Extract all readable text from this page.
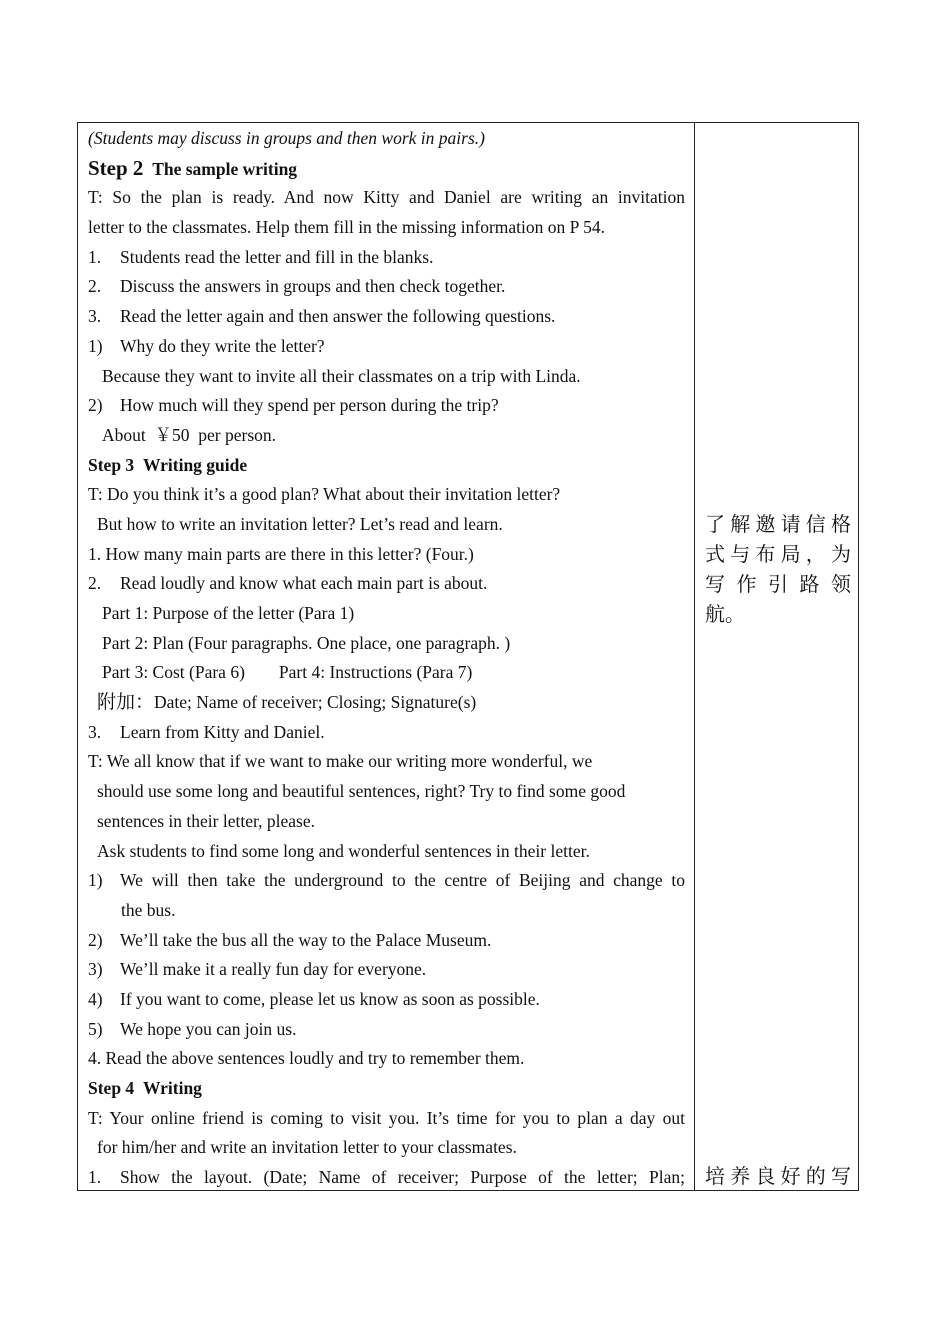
(Students may discuss in groups and then work in pairs.)
Step 2 The sample writing
T: So the plan is ready. And now Kitty and Daniel are writing an invitation
letter to the classmates. Help them fill in the missing information on P 54.
1. Students read the letter and fill in the blanks.
2. Discuss the answers in groups and then check together.
3. Read the letter again and then answer the following questions.
1) Why do they write the letter?
Because they want to invite all their classmates on a trip with Linda.
2) How much will they spend per person during the trip?
About ￥50 per person.
Step 3 Writing guide
T: Do you think it’s a good plan? What about their invitation letter?
But how to write an invitation letter? Let’s read and learn.
1. How many main parts are there in this letter? (Four.)
2. Read loudly and know what each main part is about.
Part 1: Purpose of the letter (Para 1)
Part 2: Plan (Four paragraphs. One place, one paragraph. )
Part 3: Cost (Para 6) Part 4: Instructions (Para 7)
附加：Date; Name of receiver; Closing; Signature(s)
3. Learn from Kitty and Daniel.
T: We all know that if we want to make our writing more wonderful, we
should use some long and beautiful sentences, right? Try to find some good
sentences in their letter, please.
Ask students to find some long and wonderful sentences in their letter.
1) We will then take the underground to the centre of Beijing and change to
the bus.
2) We’ll take the bus all the way to the Palace Museum.
3) We’ll make it a really fun day for everyone.
4) If you want to come, please let us know as soon as possible.
5) We hope you can join us.
4. Read the above sentences loudly and try to remember them.
Step 4 Writing
T: Your online friend is coming to visit you. It’s time for you to plan a day out
for him/her and write an invitation letter to your classmates.
1. Show the layout. (Date; Name of receiver; Purpose of the letter; Plan;
了解邀请信格
式与布局，为
写 作 引 路 领
航。
培养良好的写
